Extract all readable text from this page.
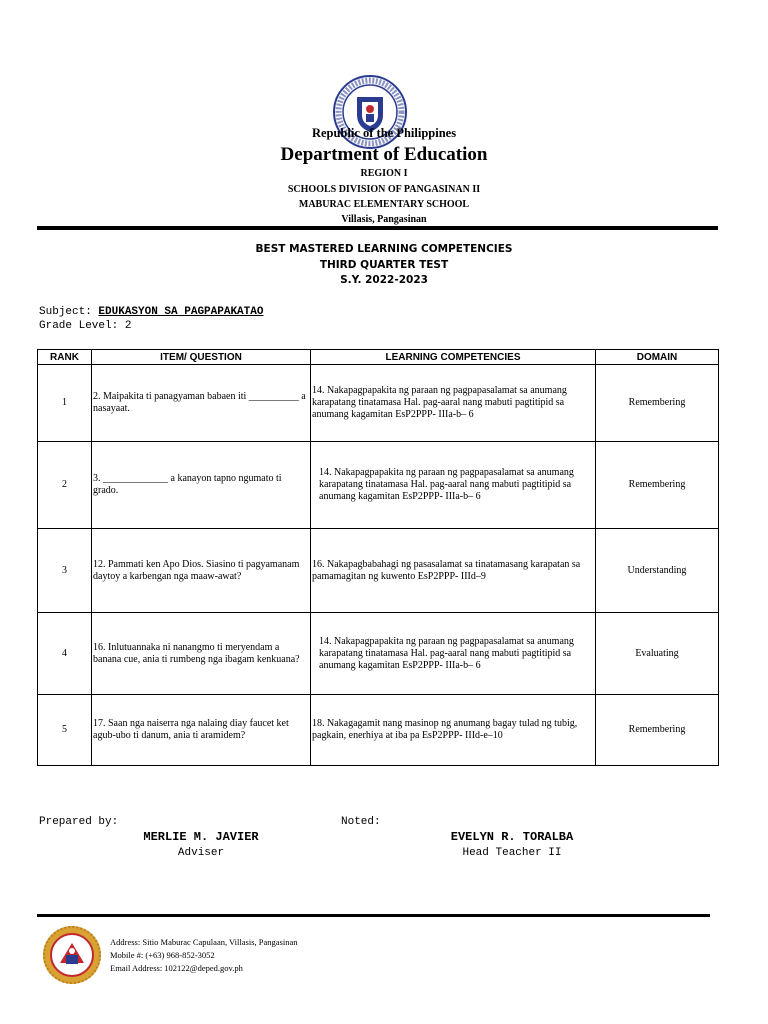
Republic of the Philippines
Department of Education
REGION I
SCHOOLS DIVISION OF PANGASINAN II
MABURAC ELEMENTARY SCHOOL
Villasis, Pangasinan
BEST MASTERED LEARNING COMPETENCIES
THIRD QUARTER TEST
S.Y. 2022-2023
Subject: EDUKASYON SA PAGPAPAKATAO
Grade Level: 2
RANK	ITEM/ QUESTION	LEARNING COMPETENCIES	DOMAIN
1	2. Maipakita ti panagyaman babaen iti __________ a nasayaat.	14. Nakapagpapakita ng paraan ng pagpapasalamat sa anumang karapatang tinatamasa Hal. pag-aaral nang mabuti pagtitipid sa anumang kagamitan EsP2PPP- IIIa-b– 6	Remembering
2	3. _____________ a kanayon tapno ngumato ti grado.	14. Nakapagpapakita ng paraan ng pagpapasalamat sa anumang karapatang tinatamasa Hal. pag-aaral nang mabuti pagtitipid sa anumang kagamitan EsP2PPP- IIIa-b– 6	Remembering
3	12. Pammati ken Apo Dios. Siasino ti pagyamanam daytoy a karbengan nga maaw-awat?	16. Nakapagbabahagi ng pasasalamat sa tinatamasang karapatan sa pamamagitan ng kuwento EsP2PPP- IIId–9	Understanding
4	16. Inlutuannaka ni nanangmo ti meryendam a banana cue, ania ti rumbeng nga ibagam kenkuana?	14. Nakapagpapakita ng paraan ng pagpapasalamat sa anumang karapatang tinatamasa Hal. pag-aaral nang mabuti pagtitipid sa anumang kagamitan EsP2PPP- IIIa-b– 6	Evaluating
5	17. Saan nga naiserra nga nalaing diay faucet ket agub-ubo ti danum, ania ti aramidem?	18. Nakagagamit nang masinop ng anumang bagay tulad ng tubig, pagkain, enerhiya at iba pa EsP2PPP- IIId-e–10	Remembering
Prepared by:	Noted:
MERLIE M. JAVIER
Adviser
EVELYN R. TORALBA
Head Teacher II
Address: Sitio Maburac Capulaan, Villasis, Pangasinan
Mobile #: (+63) 968-852-3052
Email Address: 102122@deped.gov.ph
